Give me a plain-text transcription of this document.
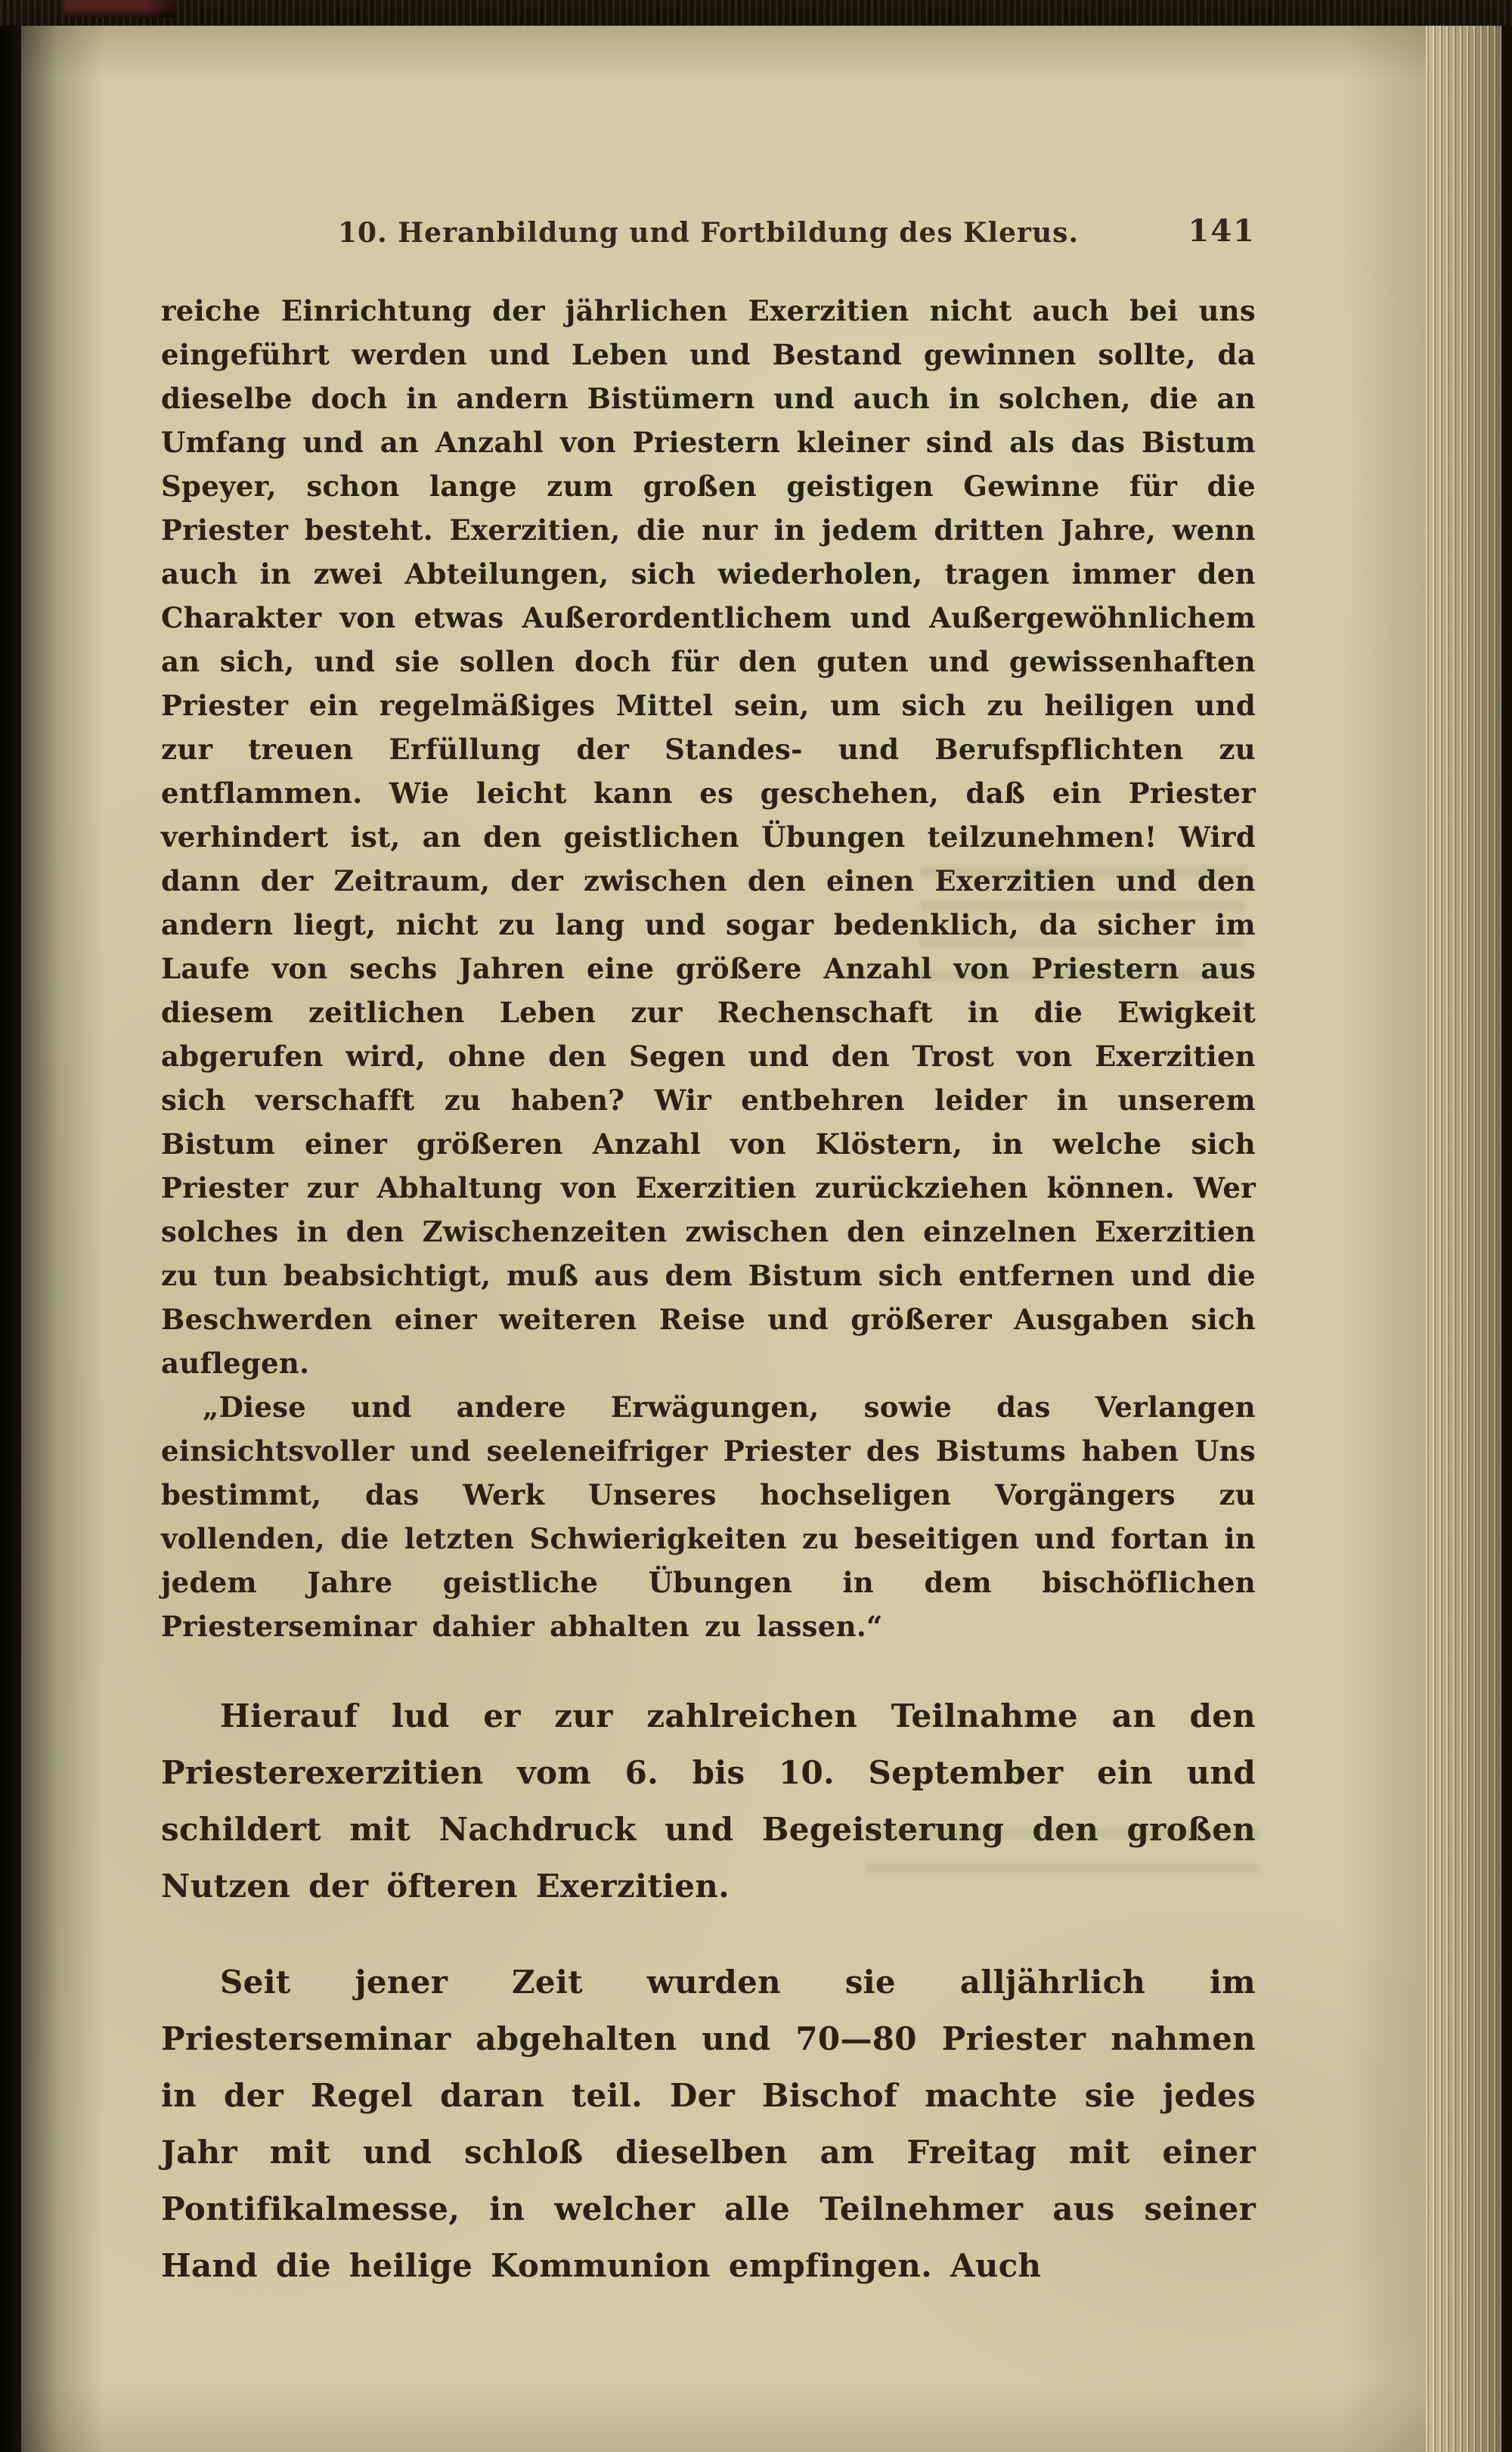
10. Heranbildung und Fortbildung des Klerus.	141

reiche Einrichtung der jährlichen Exerzitien nicht auch bei uns eingeführt werden und Leben und Bestand gewinnen sollte, da dieselbe doch in andern Bistümern und auch in solchen, die an Umfang und an Anzahl von Priestern kleiner sind als das Bistum Speyer, schon lange zum großen geistigen Gewinne für die Priester besteht. Exerzitien, die nur in jedem dritten Jahre, wenn auch in zwei Abteilungen, sich wiederholen, tragen immer den Charakter von etwas Außerordentlichem und Außergewöhnlichem an sich, und sie sollen doch für den guten und gewissenhaften Priester ein regelmäßiges Mittel sein, um sich zu heiligen und zur treuen Erfüllung der Standes- und Berufspflichten zu entflammen. Wie leicht kann es geschehen, daß ein Priester verhindert ist, an den geistlichen Übungen teilzunehmen! Wird dann der Zeitraum, der zwischen den einen Exerzitien und den andern liegt, nicht zu lang und sogar bedenklich, da sicher im Laufe von sechs Jahren eine größere Anzahl von Priestern aus diesem zeitlichen Leben zur Rechenschaft in die Ewigkeit abgerufen wird, ohne den Segen und den Trost von Exerzitien sich verschafft zu haben? Wir entbehren leider in unserem Bistum einer größeren Anzahl von Klöstern, in welche sich Priester zur Abhaltung von Exerzitien zurückziehen können. Wer solches in den Zwischenzeiten zwischen den einzelnen Exerzitien zu tun beabsichtigt, muß aus dem Bistum sich entfernen und die Beschwerden einer weiteren Reise und größerer Ausgaben sich auflegen.

„Diese und andere Erwägungen, sowie das Verlangen einsichtsvoller und seeleneifriger Priester des Bistums haben Uns bestimmt, das Werk Unseres hochseligen Vorgängers zu vollenden, die letzten Schwierigkeiten zu beseitigen und fortan in jedem Jahre geistliche Übungen in dem bischöflichen Priesterseminar dahier abhalten zu lassen.“

Hierauf lud er zur zahlreichen Teilnahme an den Priesterexerzitien vom 6. bis 10. September ein und schildert mit Nachdruck und Begeisterung den großen Nutzen der öfteren Exerzitien.

Seit jener Zeit wurden sie alljährlich im Priesterseminar abgehalten und 70—80 Priester nahmen in der Regel daran teil. Der Bischof machte sie jedes Jahr mit und schloß dieselben am Freitag mit einer Pontifikalmesse, in welcher alle Teilnehmer aus seiner Hand die heilige Kommunion empfingen. Auch
